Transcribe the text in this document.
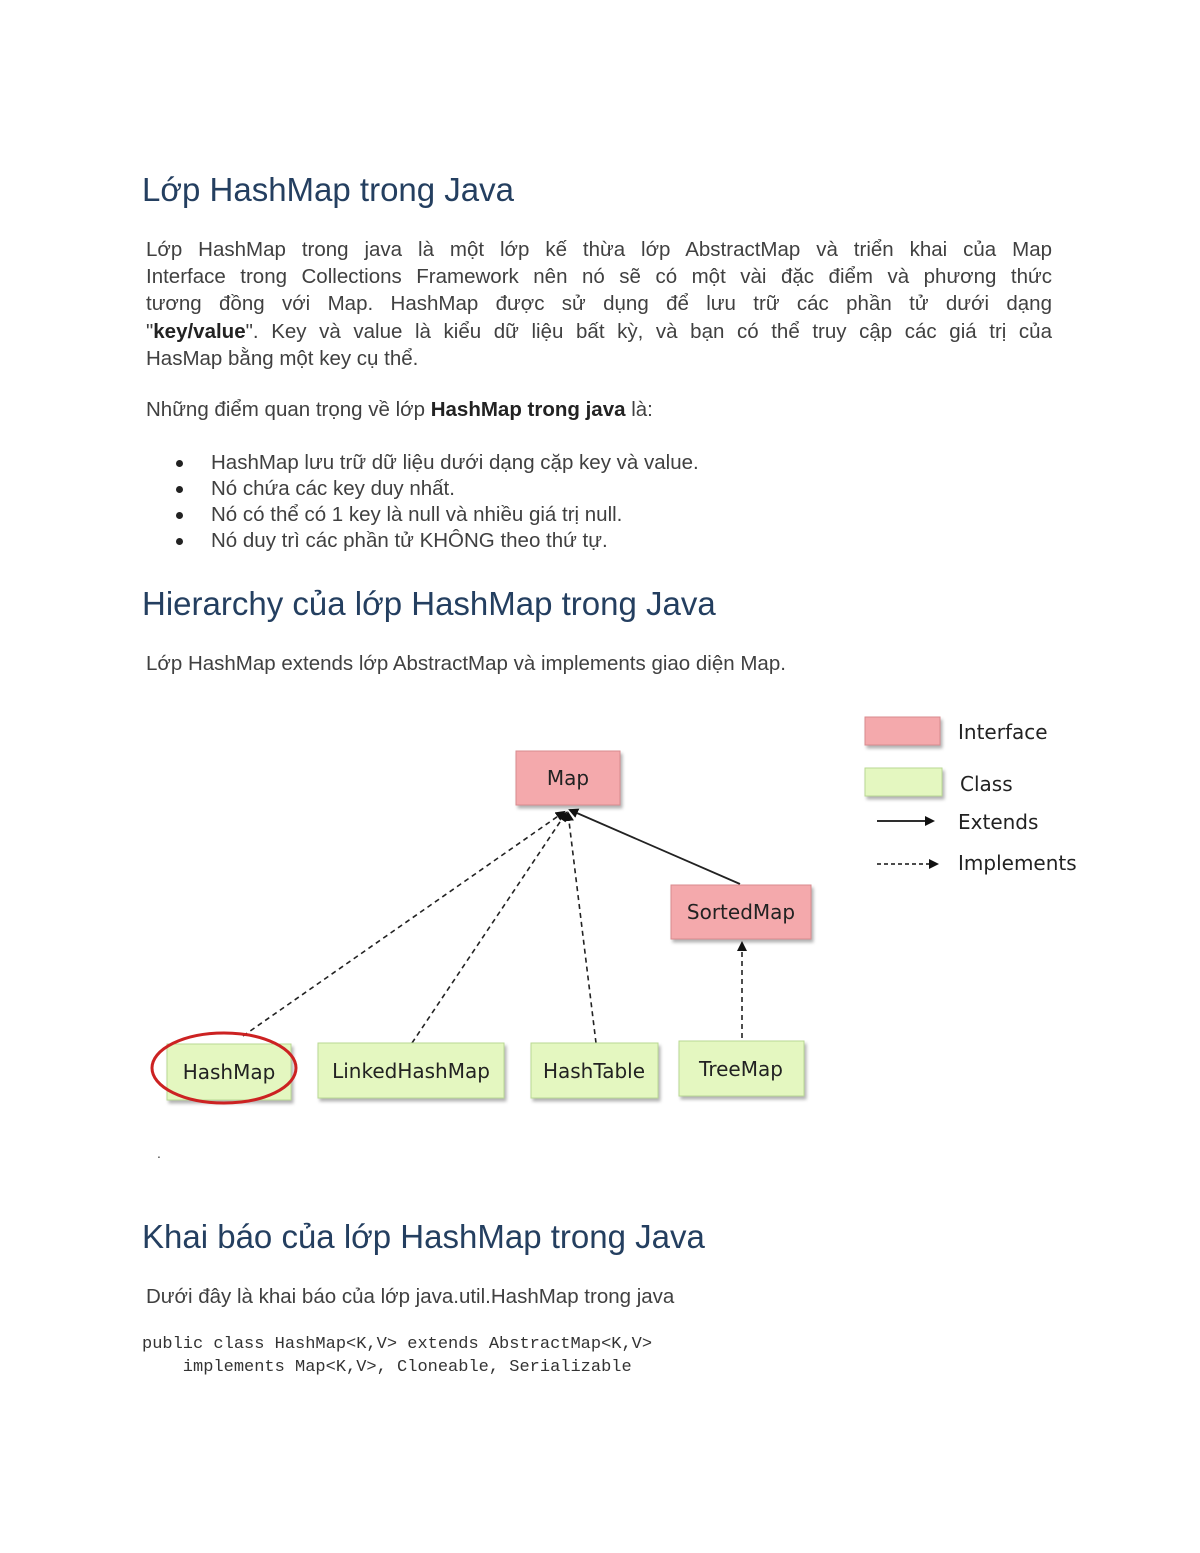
Lớp HashMap trong Java
Lớp HashMap trong java là một lớp kế thừa lớp AbstractMap và triển khai của Map
Interface trong Collections Framework nên nó sẽ có một vài đặc điểm và phương thức
tương đồng với Map. HashMap được sử dụng để lưu trữ các phần tử dưới dạng
"key/value". Key và value là kiểu dữ liệu bất kỳ, và bạn có thể truy cập các giá trị của
HasMap bằng một key cụ thể.

Những điểm quan trọng về lớp HashMap trong java là:

HashMap lưu trữ dữ liệu dưới dạng cặp key và value.
Nó chứa các key duy nhất.
Nó có thể có 1 key là null và nhiều giá trị null.
Nó duy trì các phần tử KHÔNG theo thứ tự.
Hierarchy của lớp HashMap trong Java

Lớp HashMap extends lớp AbstractMap và implements giao diện Map.

Map
SortedMap
HashMap	LinkedHashMap	HashTable	TreeMap
Interface
Class
Extends
Implements
.
Khai báo của lớp HashMap trong Java

Dưới đây là khai báo của lớp java.util.HashMap trong java

public class HashMap<K,V> extends AbstractMap<K,V>
implements Map<K,V>, Cloneable, Serializable
